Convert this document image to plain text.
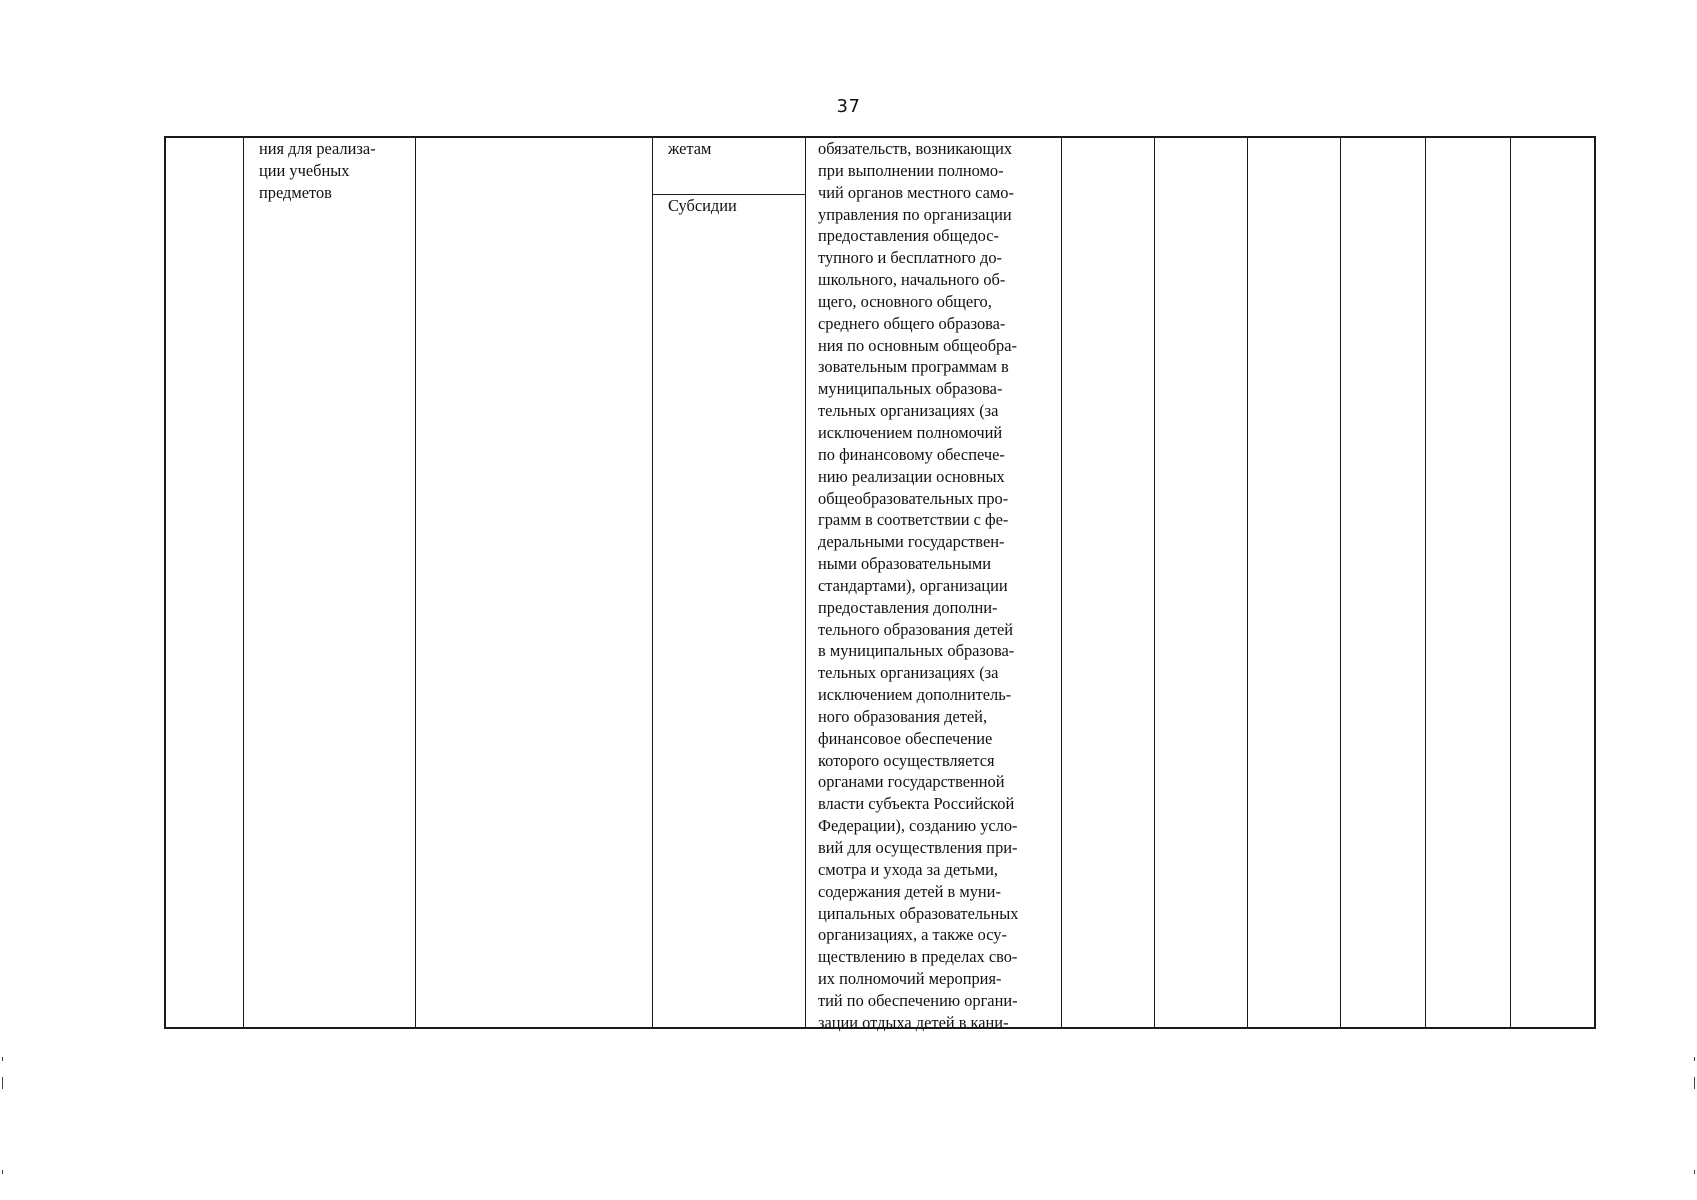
37
ния для реализа-
ции учебных
предметов
жетам
Субсидии
обязательств, возникающих
при выполнении полномо-
чий органов местного само-
управления по организации
предоставления общедос-
тупного и бесплатного до-
школьного, начального об-
щего, основного общего,
среднего общего образова-
ния по основным общеобра-
зовательным программам в
муниципальных образова-
тельных организациях (за
исключением полномочий
по финансовому обеспече-
нию реализации основных
общеобразовательных про-
грамм в соответствии с фе-
деральными государствен-
ными образовательными
стандартами), организации
предоставления дополни-
тельного образования детей
в муниципальных образова-
тельных организациях (за
исключением дополнитель-
ного образования детей,
финансовое обеспечение
которого осуществляется
органами государственной
власти субъекта Российской
Федерации), созданию усло-
вий для осуществления при-
смотра и ухода за детьми,
содержания детей в муни-
ципальных образовательных
организациях, а также осу-
ществлению в пределах сво-
их полномочий мероприя-
тий по обеспечению органи-
зации отдыха детей в кани-
